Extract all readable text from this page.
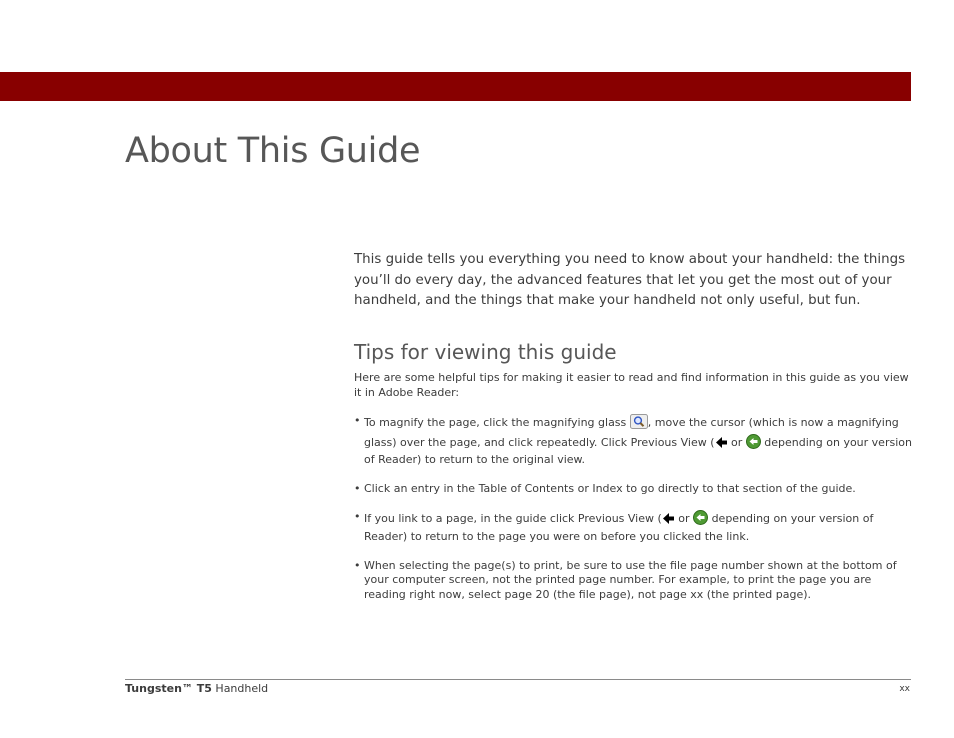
About This Guide

This guide tells you everything you need to know about your handheld: the things you’ll do every day, the advanced features that let you get the most out of your handheld, and the things that make your handheld not only useful, but fun.

Tips for viewing this guide

Here are some helpful tips for making it easier to read and find information in this guide as you view it in Adobe Reader:

• To magnify the page, click the magnifying glass , move the cursor (which is now a magnifying glass) over the page, and click repeatedly. Click Previous View ( or depending on your version of Reader) to return to the original view.
• Click an entry in the Table of Contents or Index to go directly to that section of the guide.
• If you link to a page, in the guide click Previous View ( or depending on your version of Reader) to return to the page you were on before you clicked the link.
• When selecting the page(s) to print, be sure to use the file page number shown at the bottom of your computer screen, not the printed page number. For example, to print the page you are reading right now, select page 20 (the file page), not page xx (the printed page).
Tungsten™ T5 Handheld	xx
